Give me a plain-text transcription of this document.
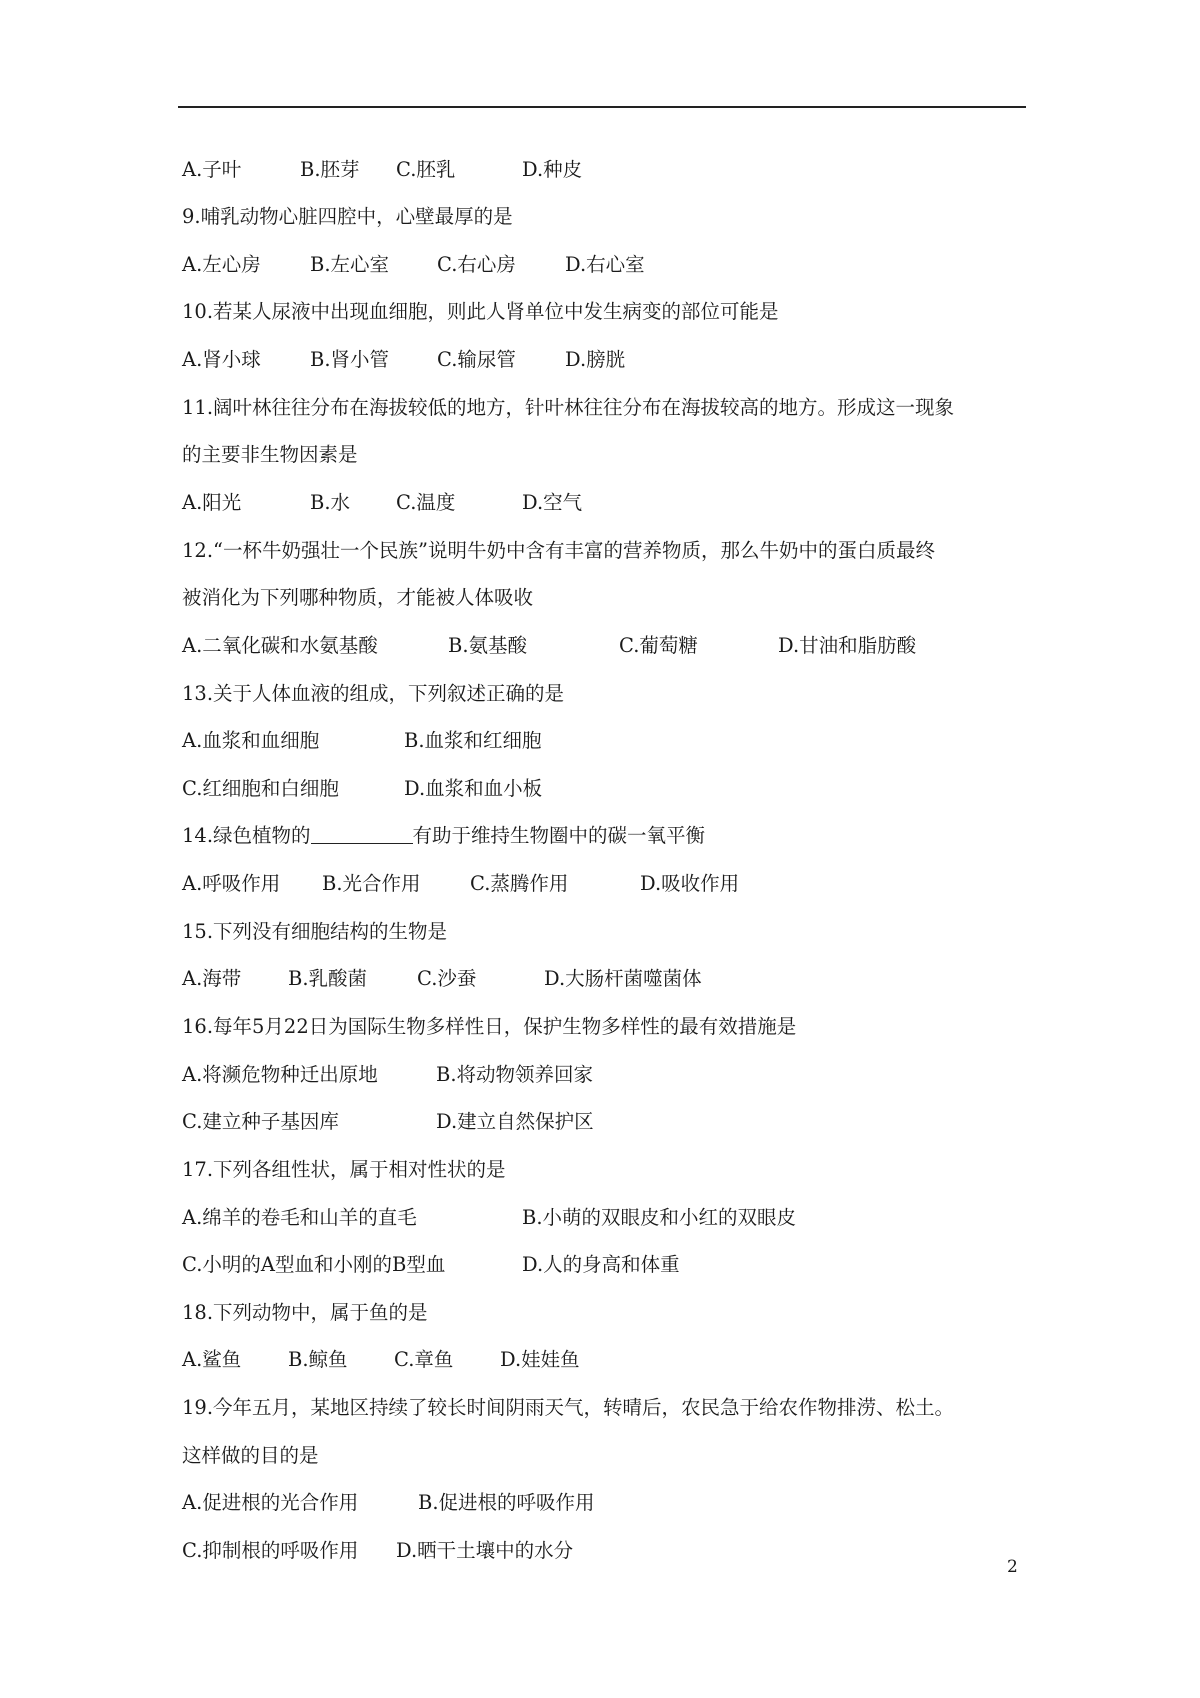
A.子叶	B.胚芽 C.胚乳	D.种皮
9.哺乳动物心脏四腔中，心壁最厚的是
A.左心房	B.左心室 C.右心房	D.右心室
10.若某人尿液中出现血细胞，则此人肾单位中发生病变的部位可能是
A.肾小球	B.肾小管 C.输尿管	D.膀胱
11.阔叶林往往分布在海拔较低的地方，针叶林往往分布在海拔较高的地方。形成这一现象
的主要非生物因素是
A.阳光	B.水 C.温度	D.空气
12.“一杯牛奶强壮一个民族”说明牛奶中含有丰富的营养物质，那么牛奶中的蛋白质最终
被消化为下列哪种物质，才能被人体吸收
A.二氧化碳和水氨基酸	B.氨基酸	C.葡萄糖	D.甘油和脂肪酸
13.关于人体血液的组成，下列叙述正确的是
A.血浆和血细胞	B.血浆和红细胞
C.红细胞和白细胞	D.血浆和血小板
14.绿色植物的	有助于维持生物圈中的碳一氧平衡
A.呼吸作用 B.光合作用	C.蒸腾作用	D.吸收作用
15.下列没有细胞结构的生物是
A.海带 B.乳酸菌	C.沙蚕	D.大肠杆菌噬菌体
16.每年5月22日为国际生物多样性日，保护生物多样性的最有效措施是
A.将濒危物种迁出原地	B.将动物领养回家
C.建立种子基因库	D.建立自然保护区
17.下列各组性状，属于相对性状的是
A.绵羊的卷毛和山羊的直毛	B.小萌的双眼皮和小红的双眼皮
C.小明的A型血和小刚的B型血	D.人的身高和体重
18.下列动物中，属于鱼的是
A.鲨鱼 B.鲸鱼 C.章鱼 D.娃娃鱼
19.今年五月，某地区持续了较长时间阴雨天气，转晴后，农民急于给农作物排涝、松土。
这样做的目的是
A.促进根的光合作用	B.促进根的呼吸作用
C.抑制根的呼吸作用 D.晒干土壤中的水分
2
